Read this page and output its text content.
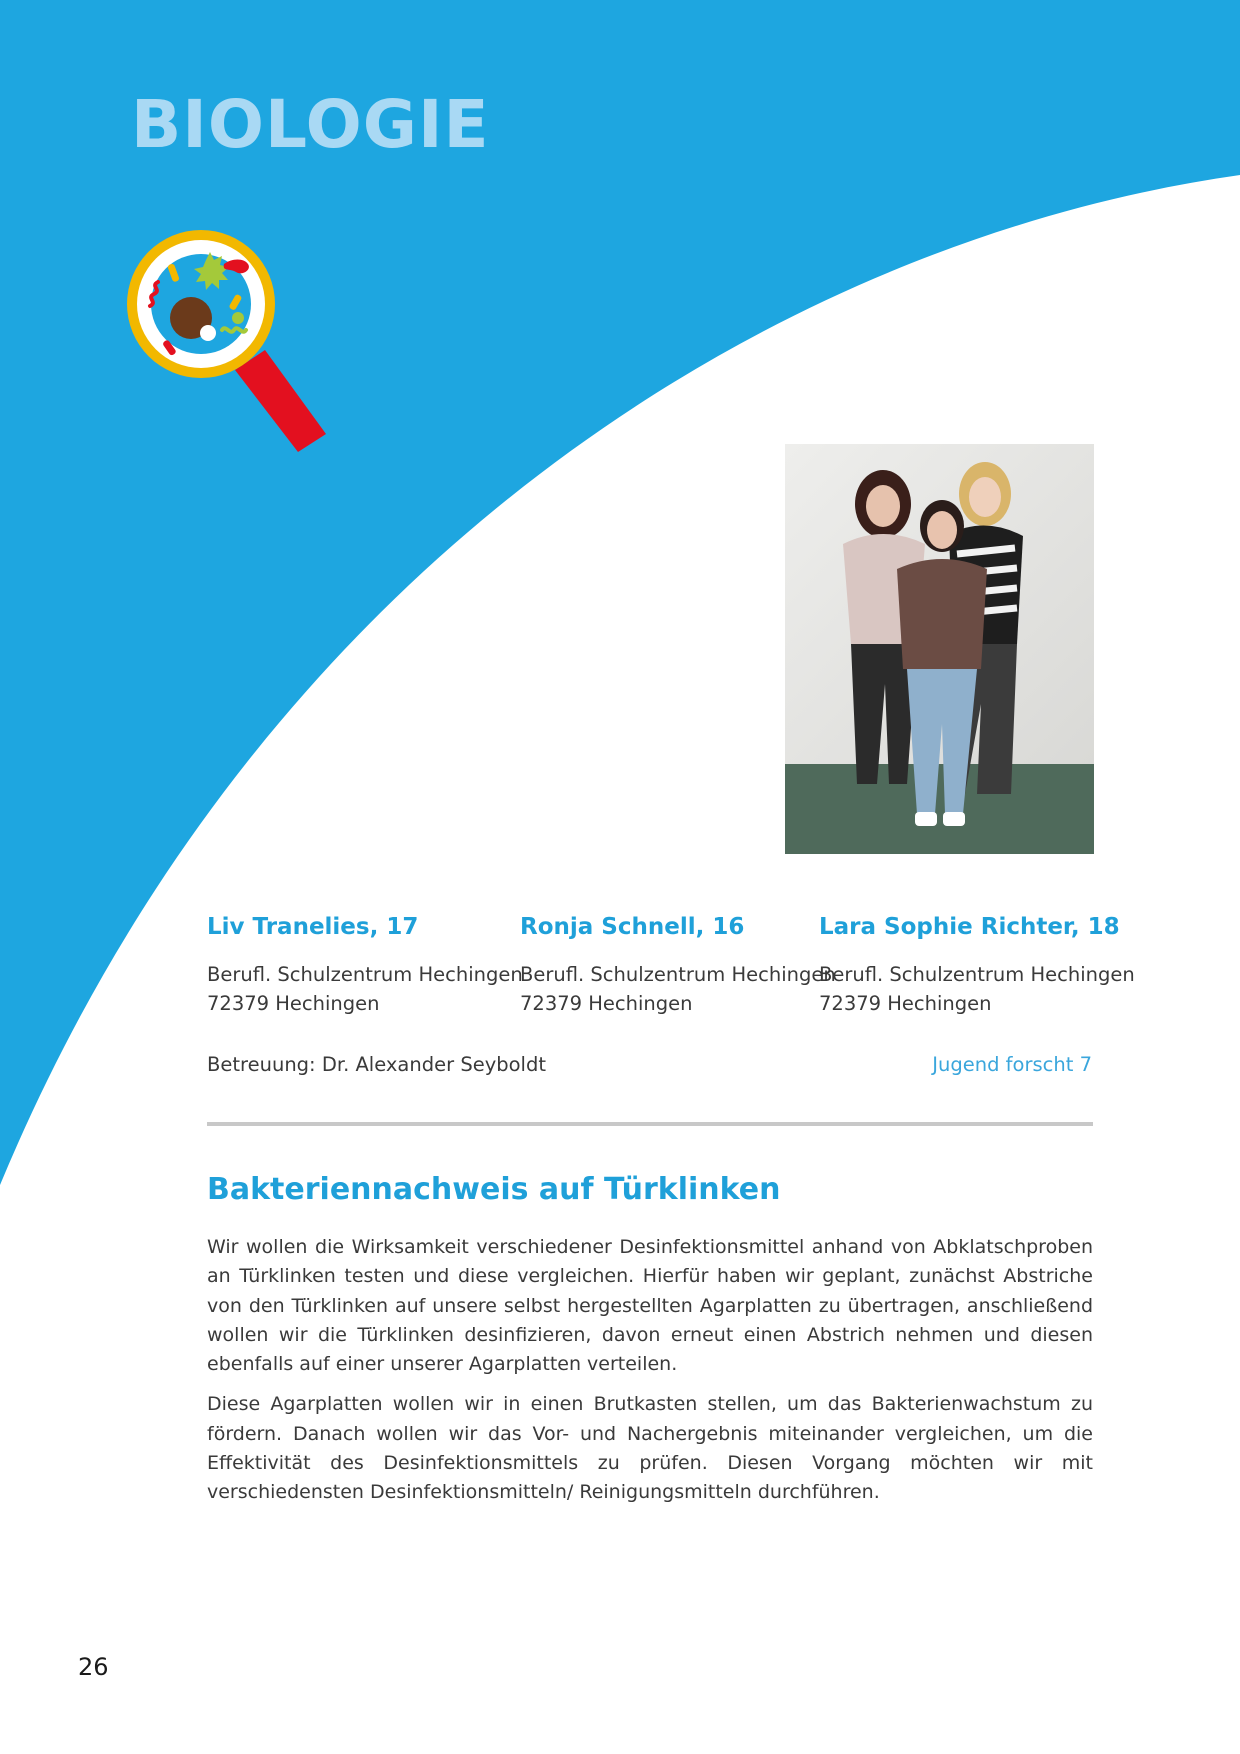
BIOLOGIE
Liv Tranelies, 17	Ronja Schnell, 16	Lara Sophie Richter, 18
Berufl. Schulzentrum Hechingen
72379 Hechingen
Berufl. Schulzentrum Hechingen
72379 Hechingen
Berufl. Schulzentrum Hechingen
72379 Hechingen
Betreuung: Dr. Alexander Seyboldt	Jugend forscht 7
Bakteriennachweis auf Türklinken

Wir wollen die Wirksamkeit verschiedener Desinfektionsmittel anhand von Abklatschproben an Türklinken testen und diese vergleichen. Hierfür haben wir geplant, zunächst Abstriche von den Türklinken auf unsere selbst hergestellten Agarplatten zu übertragen, anschließend wollen wir die Türklinken desinfizieren, davon erneut einen Abstrich nehmen und diesen ebenfalls auf einer unserer Agarplatten verteilen.

Diese Agarplatten wollen wir in einen Brutkasten stellen, um das Bakterienwachstum zu fördern. Danach wollen wir das Vor- und Nachergebnis miteinander vergleichen, um die Effektivität des Desinfektionsmittels zu prüfen. Diesen Vorgang möchten wir mit verschiedensten Desinfektionsmitteln/ Reinigungsmitteln durchführen.

26
